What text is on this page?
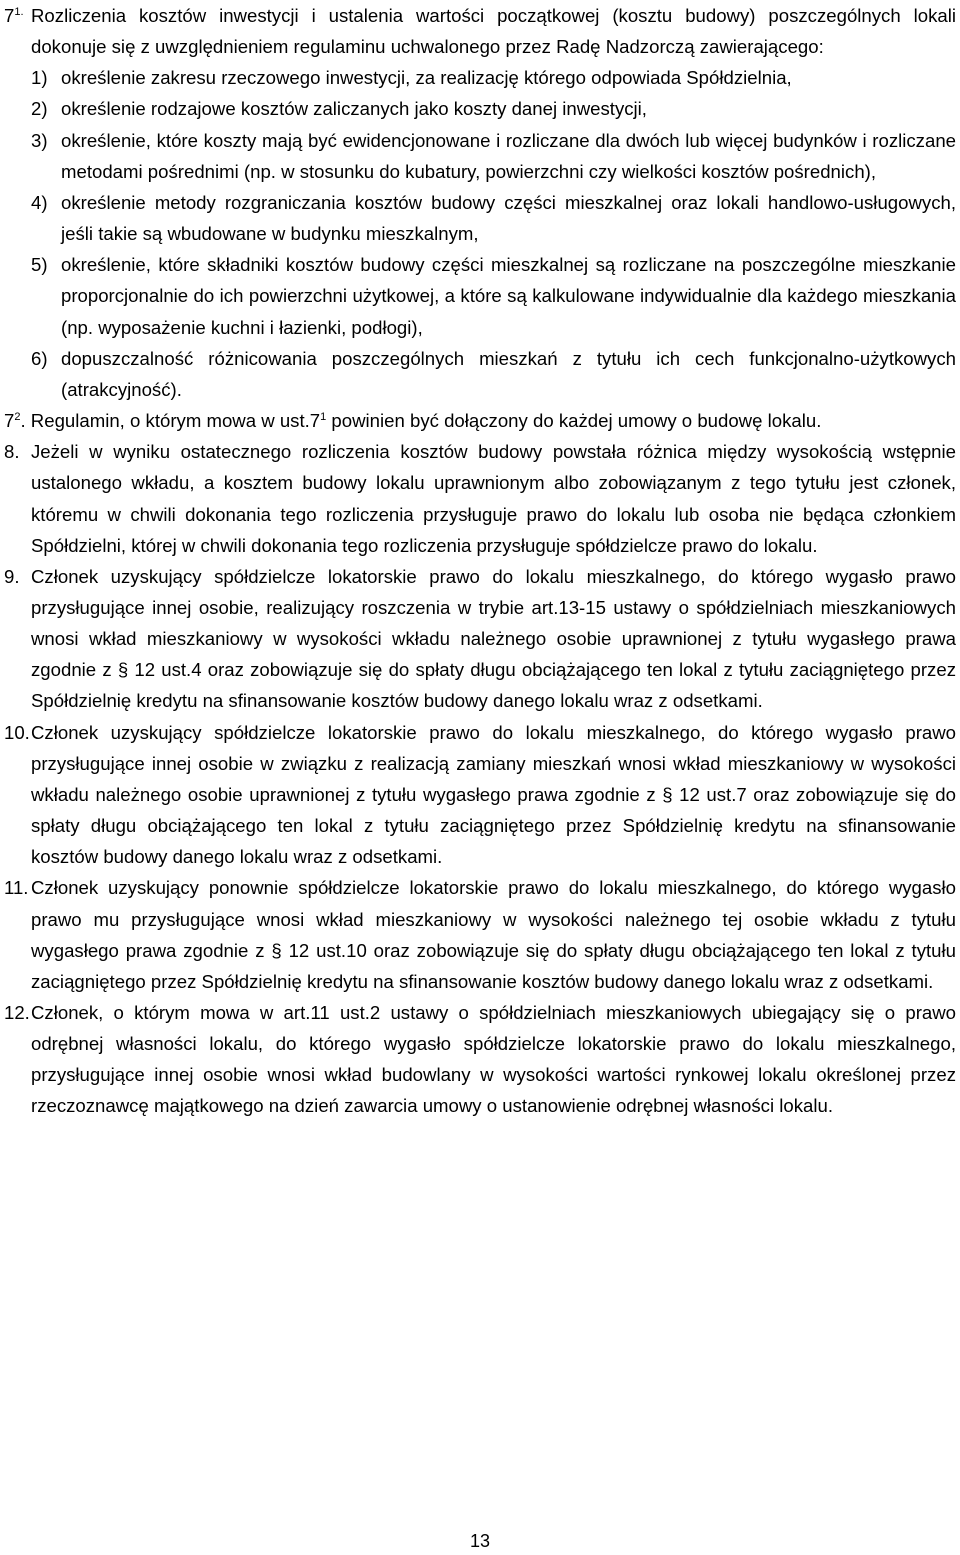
$7^{1.}$ Rozliczenia kosztów inwestycji i ustalenia wartości początkowej (kosztu budowy) poszczególnych lokali dokonuje się z uwzględnieniem regulaminu uchwalonego przez Radę Nadzorczą zawierającego:

1) określenie zakresu rzeczowego inwestycji, za realizację którego odpowiada Spółdzielnia,

2) określenie rodzajowe kosztów zaliczanych jako koszty danej inwestycji,

3) określenie, które koszty mają być ewidencjonowane i rozliczane dla dwóch lub więcej budynków i rozliczane metodami pośrednimi (np. w stosunku do kubatury, powierzchni czy wielkości kosztów pośrednich),

4) określenie metody rozgraniczania kosztów budowy części mieszkalnej oraz lokali handlowo-usługowych, jeśli takie są wbudowane w budynku mieszkalnym,

5) określenie, które składniki kosztów budowy części mieszkalnej są rozliczane na poszczególne mieszkanie proporcjonalnie do ich powierzchni użytkowej, a które są kalkulowane indywidualnie dla każdego mieszkania (np. wyposażenie kuchni i łazienki, podłogi),

6) dopuszczalność różnicowania poszczególnych mieszkań z tytułu ich cech funkcjonalno-użytkowych (atrakcyjność).

$7^2$. Regulamin, o którym mowa w $ust.7^1$ powinien być dołączony do każdej umowy o budowę lokalu.

8. Jeżeli w wyniku ostatecznego rozliczenia kosztów budowy powstała różnica między wysokością wstępnie ustalonego wkładu, a kosztem budowy lokalu uprawnionym albo zobowiązanym z tego tytułu jest członek, któremu w chwili dokonania tego rozliczenia przysługuje prawo do lokalu lub osoba nie będąca członkiem Spółdzielni, której w chwili dokonania tego rozliczenia przysługuje spółdzielcze prawo do lokalu.

9. Członek uzyskujący spółdzielcze lokatorskie prawo do lokalu mieszkalnego, do którego wygasło prawo przysługujące innej osobie, realizujący roszczenia w trybie art.13-15 ustawy o spółdzielniach mieszkaniowych wnosi wkład mieszkaniowy w wysokości wkładu należnego osobie uprawnionej z tytułu wygasłego prawa zgodnie z § 12 ust.4 oraz zobowiązuje się do spłaty długu obciążającego ten lokal z tytułu zaciągniętego przez Spółdzielnię kredytu na sfinansowanie kosztów budowy danego lokalu wraz z odsetkami.

10.Członek uzyskujący spółdzielcze lokatorskie prawo do lokalu mieszkalnego, do którego wygasło prawo przysługujące innej osobie w związku z realizacją zamiany mieszkań wnosi wkład mieszkaniowy w wysokości wkładu należnego osobie uprawnionej z tytułu wygasłego prawa zgodnie z § 12 ust.7 oraz zobowiązuje się do spłaty długu obciążającego ten lokal z tytułu zaciągniętego przez Spółdzielnię kredytu na sfinansowanie kosztów budowy danego lokalu wraz z odsetkami.

11. Członek uzyskujący ponownie spółdzielcze lokatorskie prawo do lokalu mieszkalnego, do którego wygasło prawo mu przysługujące wnosi wkład mieszkaniowy w wysokości należnego tej osobie wkładu z tytułu wygasłego prawa zgodnie z § 12 ust.10 oraz zobowiązuje się do spłaty długu obciążającego ten lokal z tytułu zaciągniętego przez Spółdzielnię kredytu na sfinansowanie kosztów budowy danego lokalu wraz z odsetkami.

12.Członek, o którym mowa w art.11 ust.2 ustawy o spółdzielniach mieszkaniowych ubiegający się o prawo odrębnej własności lokalu, do którego wygasło spółdzielcze lokatorskie prawo do lokalu mieszkalnego, przysługujące innej osobie wnosi wkład budowlany w wysokości wartości rynkowej lokalu określonej przez rzeczoznawcę majątkowego na dzień zawarcia umowy o ustanowienie odrębnej własności lokalu.

13
